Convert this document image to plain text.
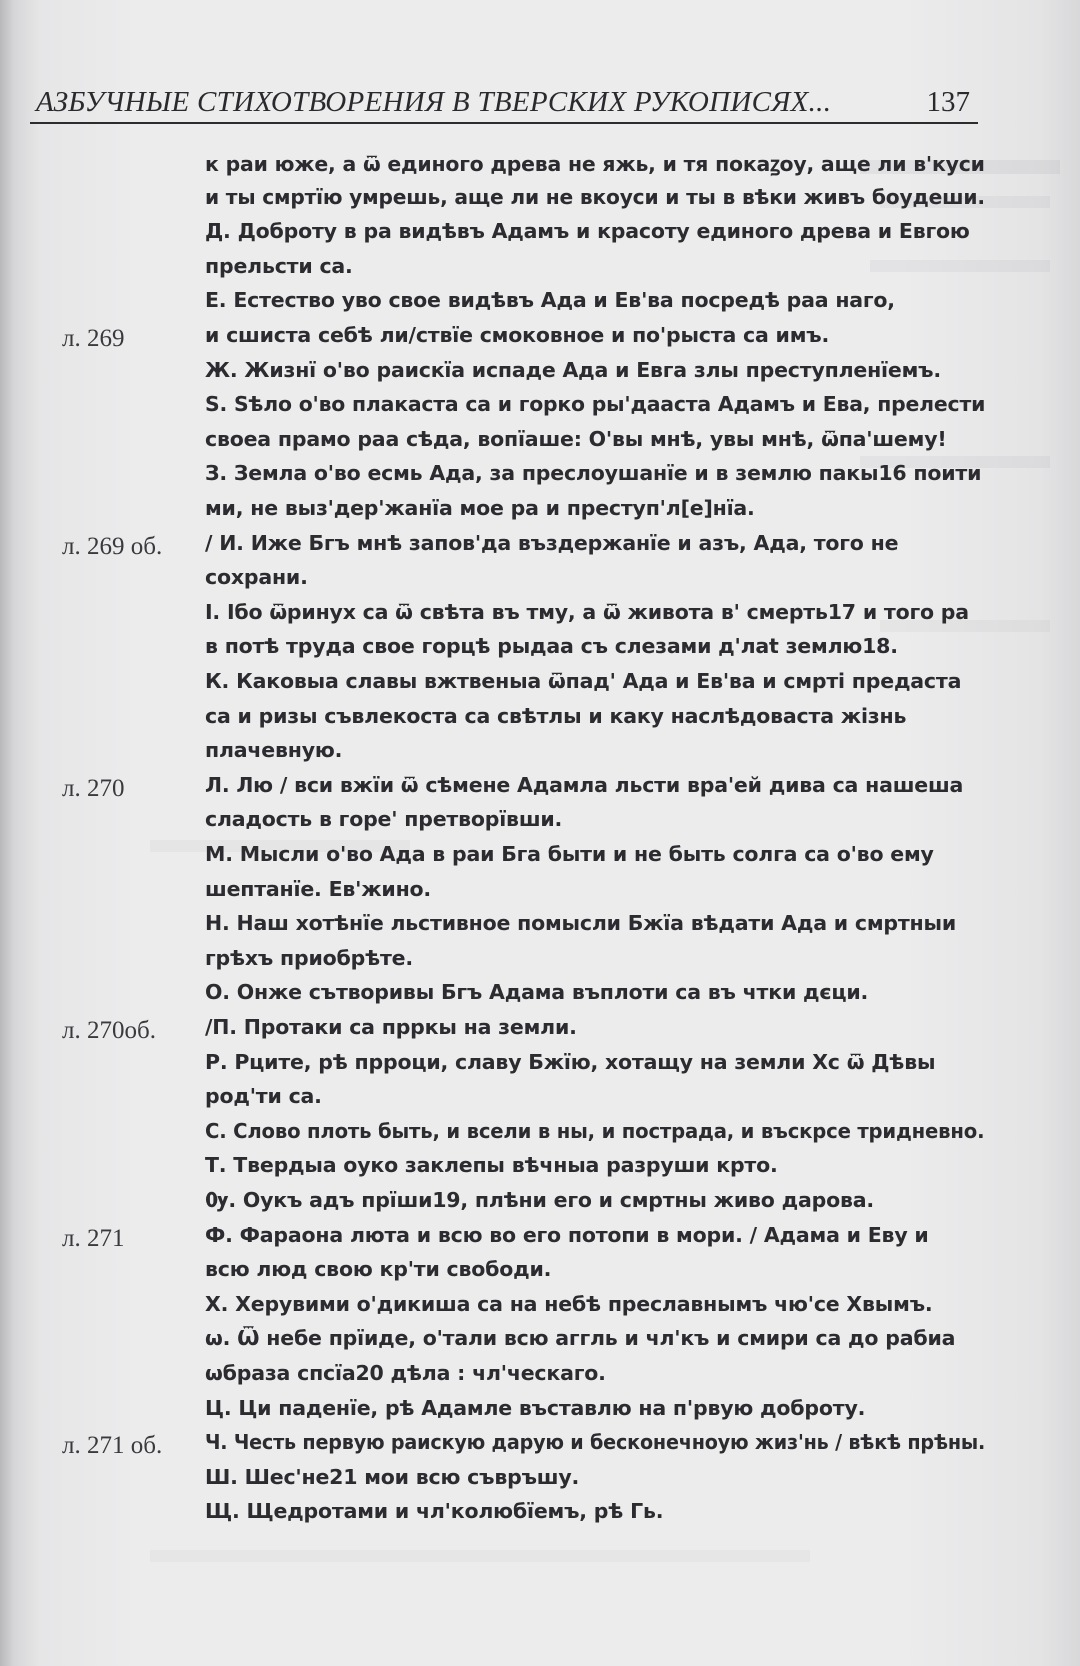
АЗБУЧНЫЕ СТИХОТВОРЕНИЯ В ТВЕРСКИХ РУКОПИСЯХ...	137
к раи юже, а ѿ единого древа не яжь, и тя покаꙁоу, аще ли в'куси
и ты смртїю умрешь, аще ли не вкоуси и ты в вѣки живъ боудеши.
Д. Доброту в ра видѣвъ Адамъ и красоту единого древа и Евгою
прельсти са.
Е. Естество уво свое видѣвъ Ада и Ев'ва посредѣ раа наго,
л. 269	и сшиста себѣ ли/ствїе смоковное и по'рыста са имъ.
Ж. Жизнї о'во раискїа испаде Ада и Евга злы преступленїемъ.
Ѕ. Ѕѣло о'во плакаста са и горко ры'дааста Адамъ и Ева, прелести
своеа прамо раа сѣда, вопїаше: О'вы мнѣ, увы мнѣ, ѿпа'шему!
З. Земла о'во есмь Ада, за преслоушанїе и в землю пакы16 поити
ми, не выз'дер'жанїа мое ра и преступ'л[е]нїа.
л. 269 об. / И. Иже Бгъ мнѣ запов'да въздержанїе и азъ, Ада, того не
сохрани.
І. Ібо ѿринух са ѿ свѣта въ тму, а ѿ живота в' смерть17 и того ра
в потѣ труда свое горцѣ рыдаа съ слезами д'лаt землю18.
К. Каковыа славы вжтвеныа ѿпад' Ада и Ев'ва и смрті предаста
са и ризы съвлекоста са свѣтлы и каку наслѣдоваста жізнь
плачевную.
л. 270	Л. Лю / вси вжїи ѿ сѣмене Адамла льсти вра'ей дива са нашеша
сладость в горе' претворївши.
М. Мысли о'во Ада в раи Бга быти и не быть солга са о'во ему
шептанїе. Ев'жино.
Н. Наш хотѣнїе льстивное помысли Бжїа вѣдати Ада и смртныи
грѣхъ приобрѣте.
О. Онже сътворивы Бгъ Адама въплоти са въ чтки дєци.
л. 270об. /П. Протаки са прркы на земли.
Р. Рците, рѣ прроци, славу Бжїю, хотащу на земли Хс ѿ Дѣвы
род'ти са.
С. Слово плоть быть, и всели в ны, и пострада, и въскрсе тридневно.
Т. Твердыа оуко заклепы вѣчныа разруши крто.
Ѹ. Оукъ адъ прїши19, плѣни его и смртны живо дарова.
л. 271	Ф. Фараона люта и всю во его потопи в мори. / Адама и Еву и
всю люд свою кр'ти свободи.
Х. Херувими о'дикиша са на небѣ преславнымъ чю'се Хвымъ.
ѡ. Ѿ небе прїиде, о'тали всю аггль и чл'къ и смири са до рабиа
ѡбраза спсїа20 дѣла : чл'ческаго.
Ц. Ци паденїе, рѣ Адамле въставлю на п'рвую доброту.
л. 271 об. Ч. Честь первую раискую дарую и бесконечноую жиз'нь / вѣкѣ прѣны.
Ш. Шес'не21 мои всю съвръшу.
Щ. Щедротами и чл'колюбїемъ, рѣ Гь.
